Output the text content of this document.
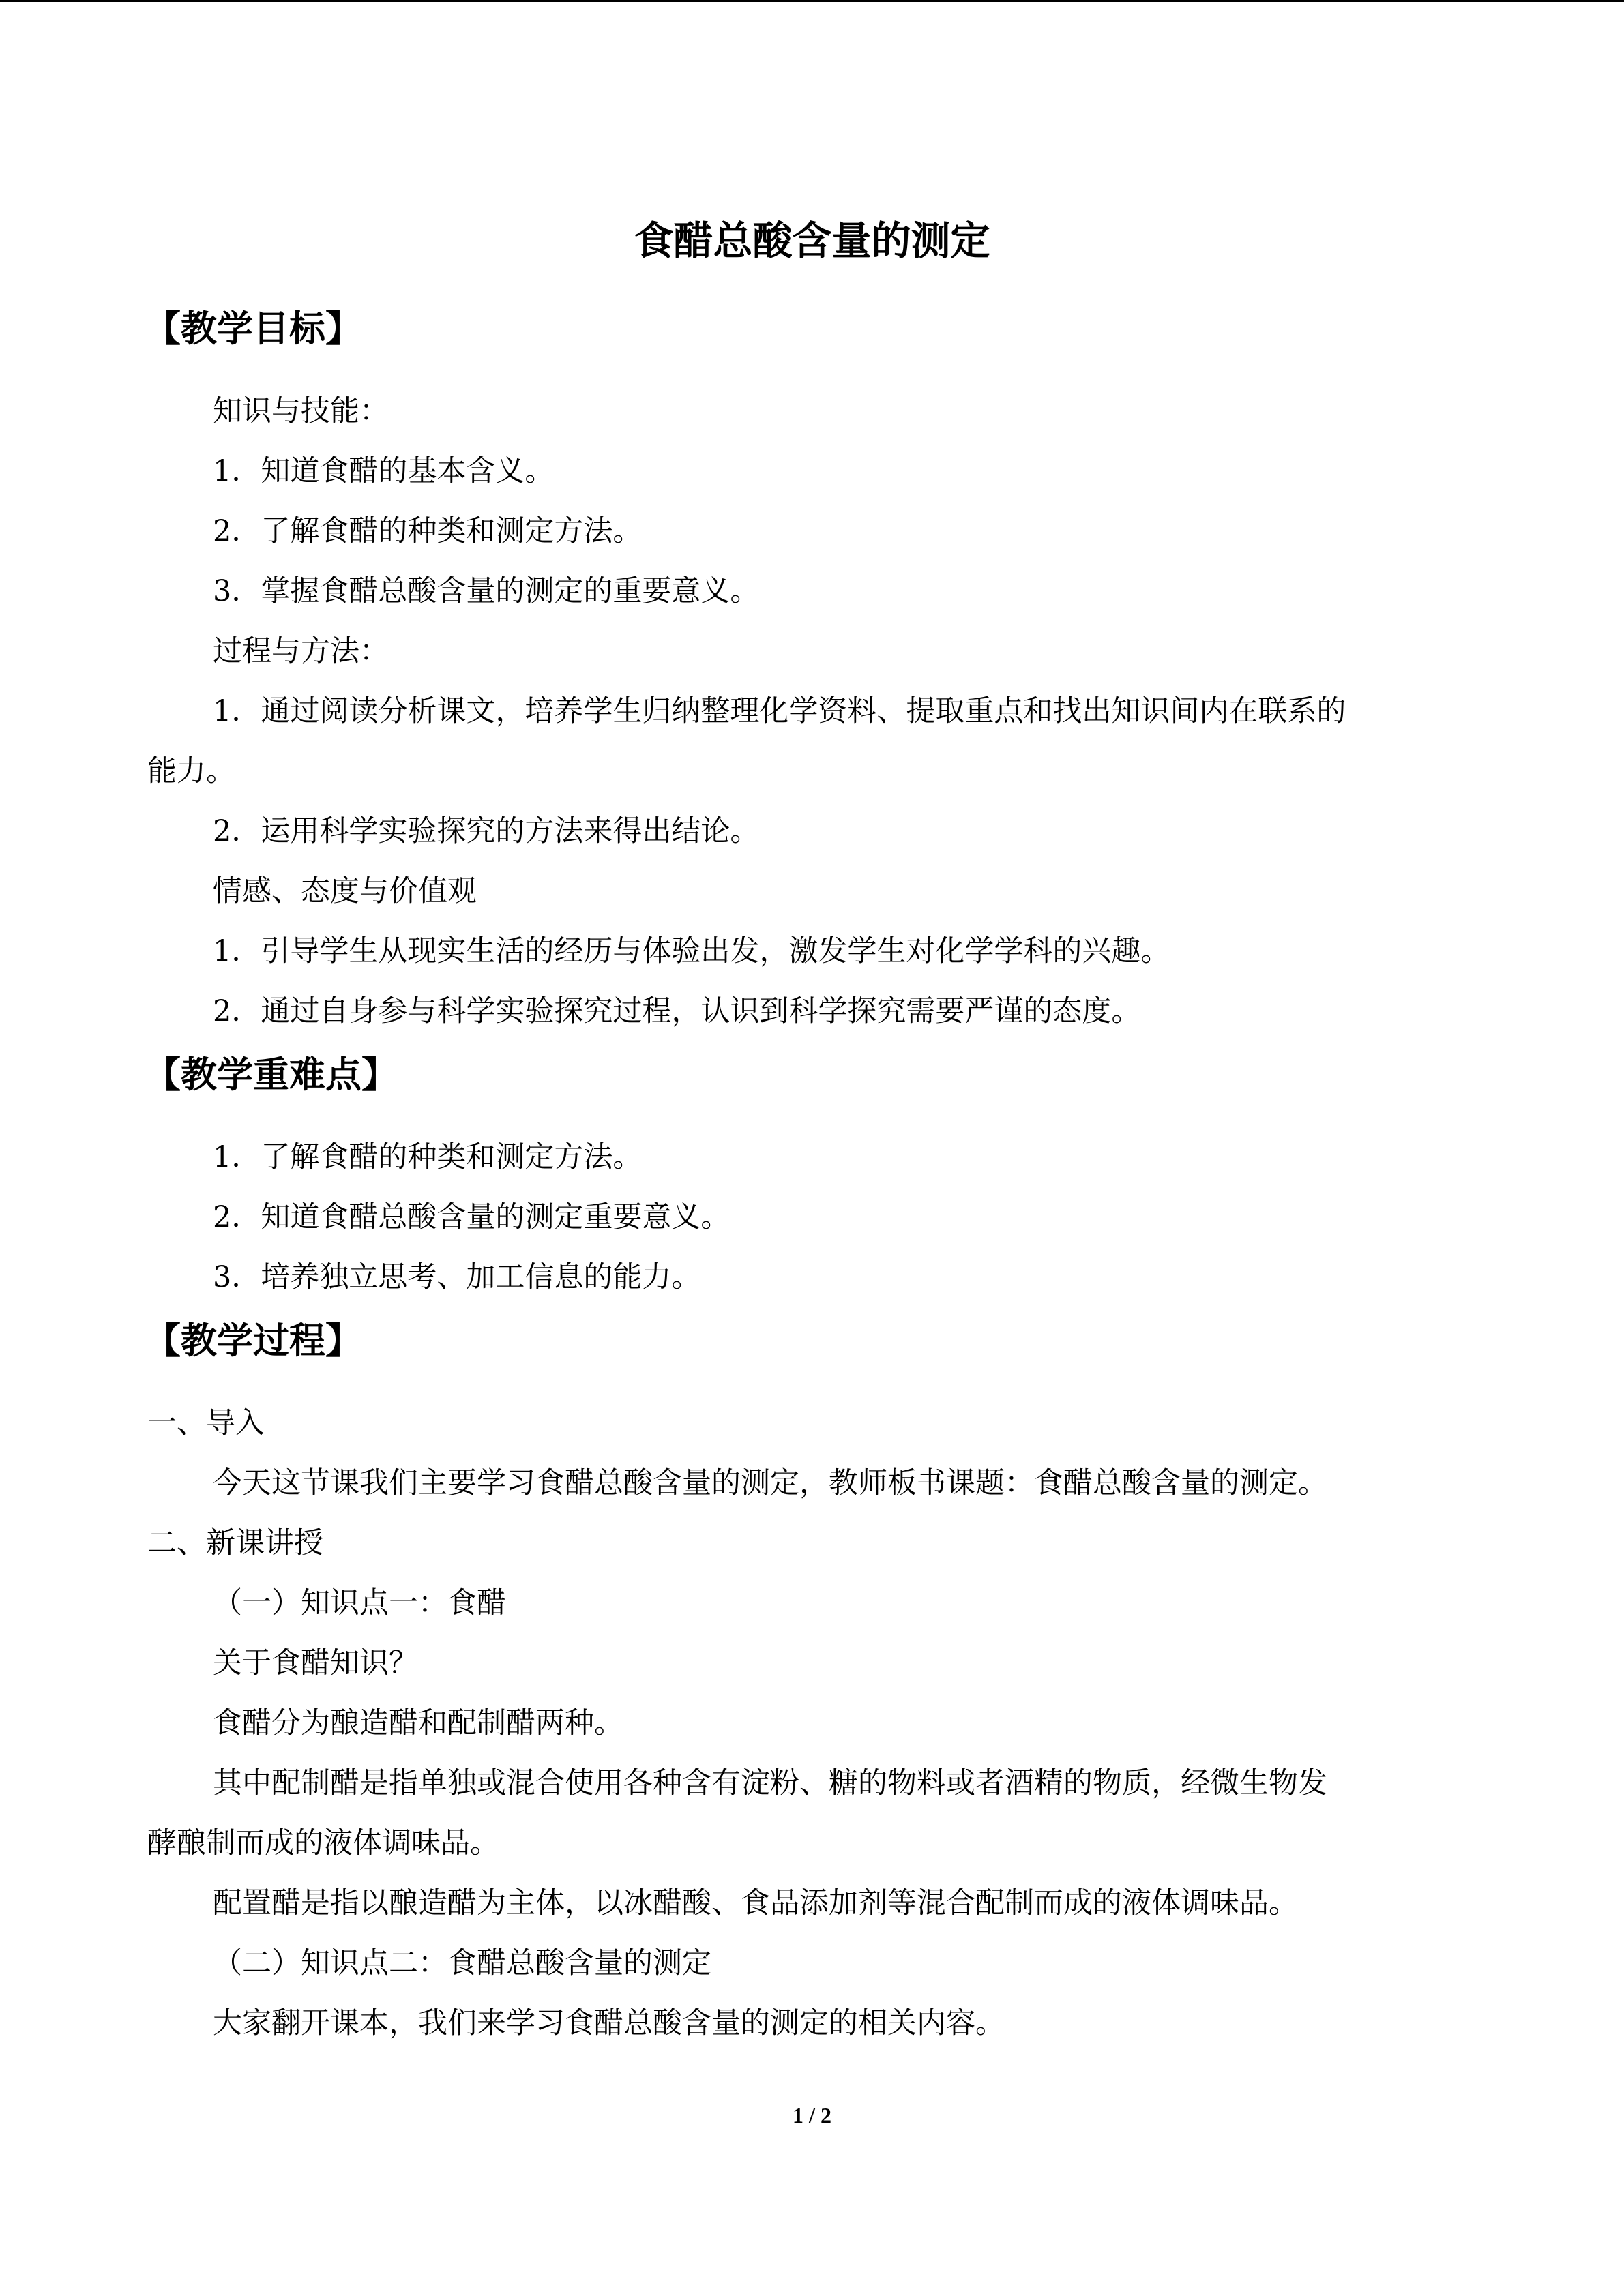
食醋总酸含量的测定
【教学目标】
知识与技能：
1．知道食醋的基本含义。
2．了解食醋的种类和测定方法。
3．掌握食醋总酸含量的测定的重要意义。
过程与方法：
1．通过阅读分析课文，培养学生归纳整理化学资料、提取重点和找出知识间内在联系的
能力。
2．运用科学实验探究的方法来得出结论。
情感、态度与价值观
1．引导学生从现实生活的经历与体验出发，激发学生对化学学科的兴趣。
2．通过自身参与科学实验探究过程，认识到科学探究需要严谨的态度。
【教学重难点】
1．了解食醋的种类和测定方法。
2．知道食醋总酸含量的测定重要意义。
3．培养独立思考、加工信息的能力。
【教学过程】
一、导入
今天这节课我们主要学习食醋总酸含量的测定，教师板书课题：食醋总酸含量的测定。
二、新课讲授
（一）知识点一：食醋
关于食醋知识？
食醋分为酿造醋和配制醋两种。
其中配制醋是指单独或混合使用各种含有淀粉、糖的物料或者酒精的物质，经微生物发
酵酿制而成的液体调味品。
配置醋是指以酿造醋为主体，以冰醋酸、食品添加剂等混合配制而成的液体调味品。
（二）知识点二：食醋总酸含量的测定
大家翻开课本，我们来学习食醋总酸含量的测定的相关内容。
1 / 2
